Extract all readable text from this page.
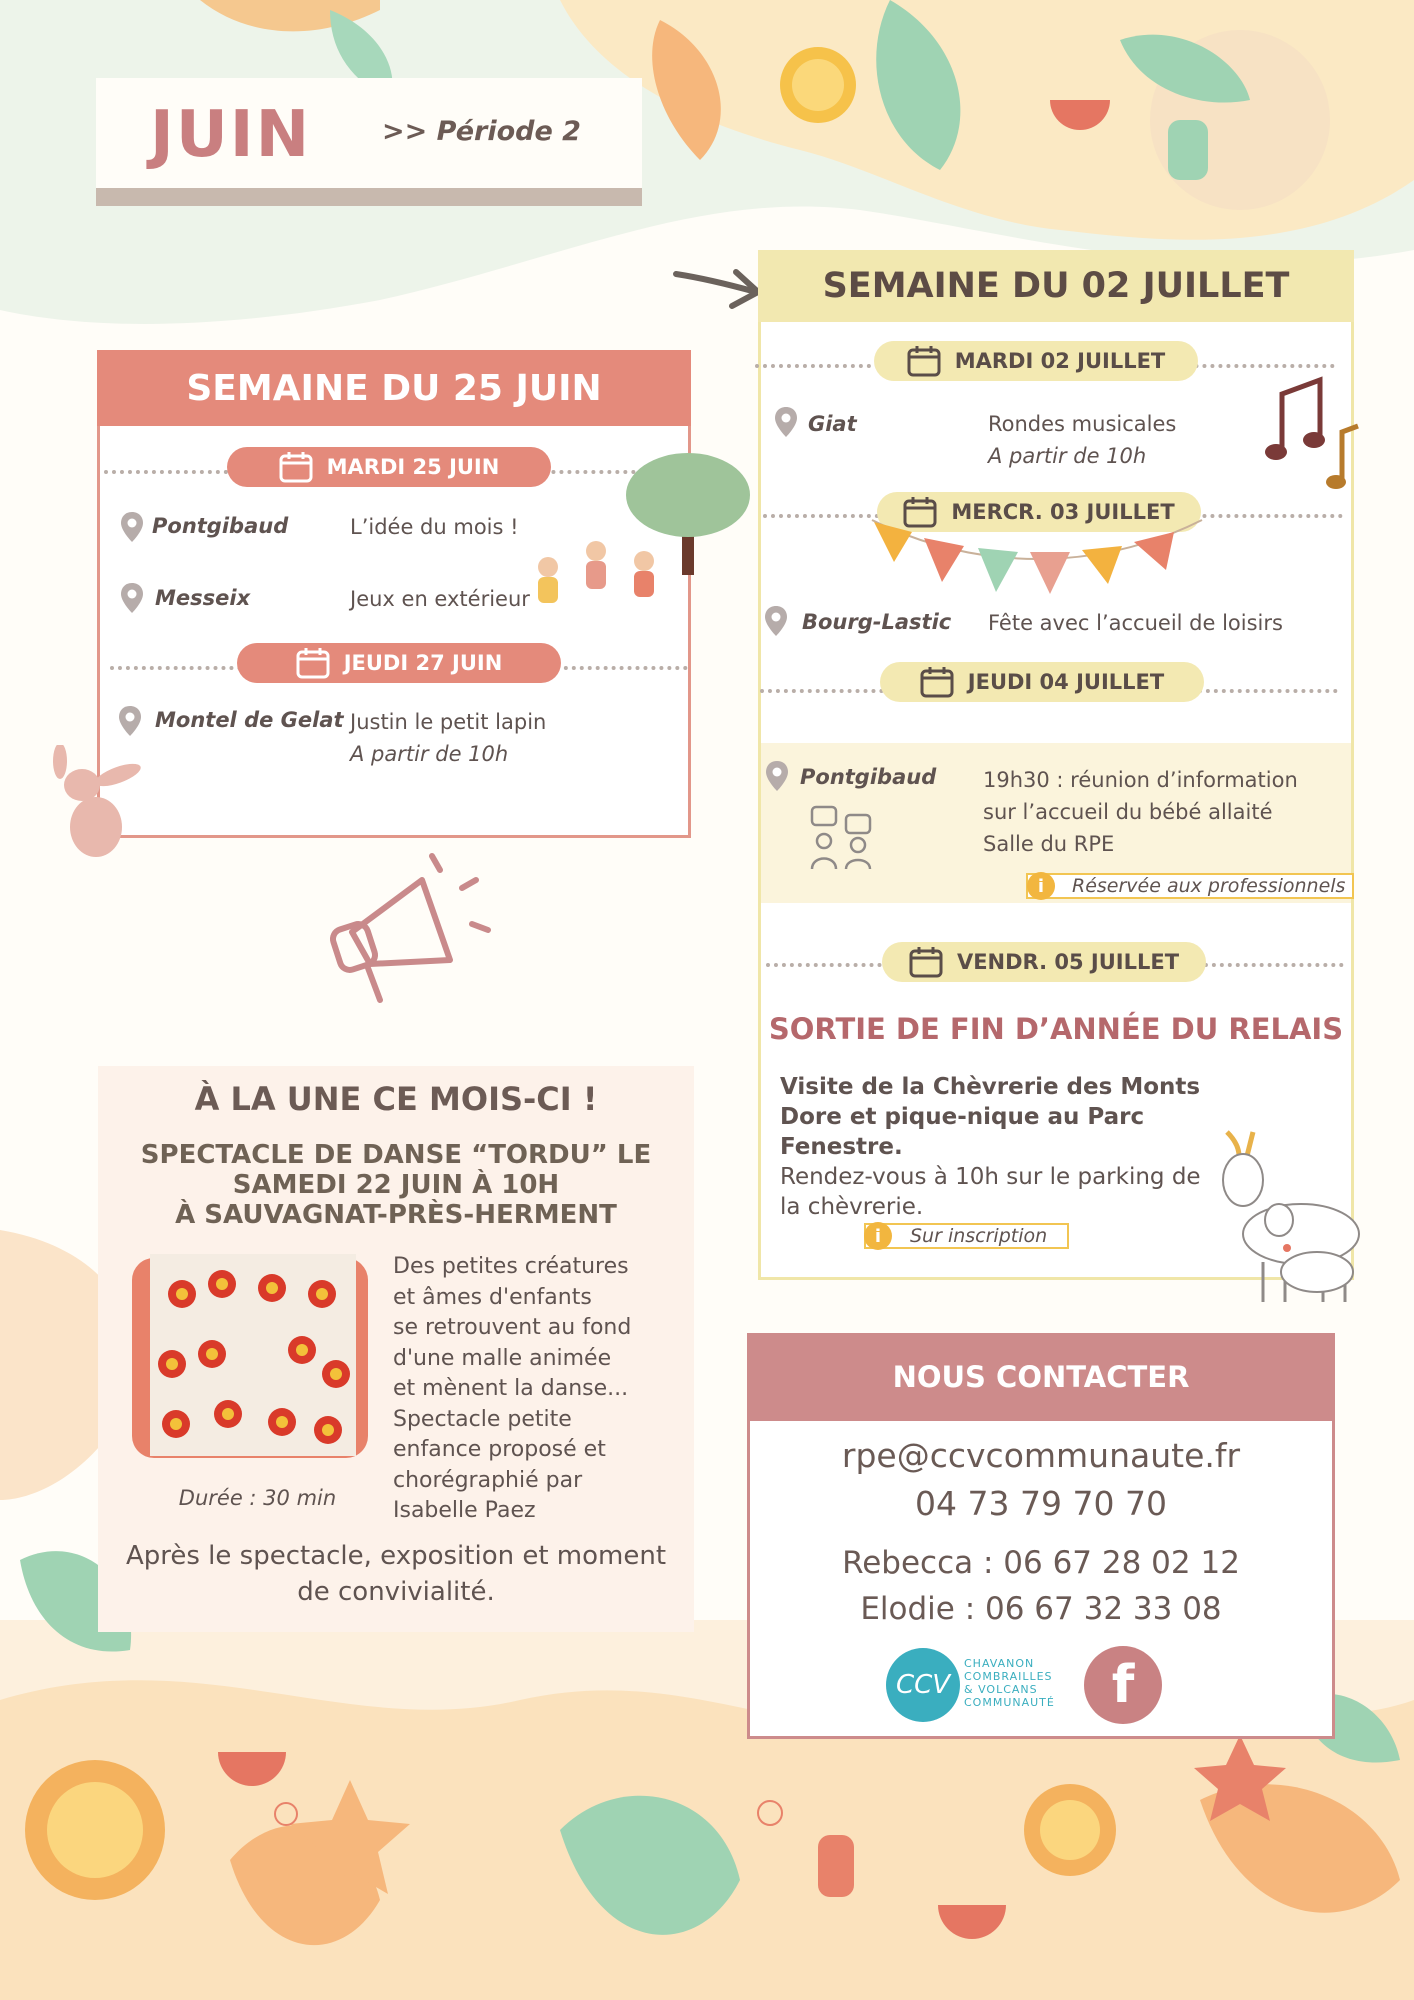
JUIN	>> Période 2
SEMAINE DU 25 JUIN
MARDI 25 JUIN
Pontgibaud	L’idée du mois !
Messeix	Jeux en extérieur
JEUDI 27 JUIN
Montel de Gelat Justin le petit lapin
A partir de 10h
SEMAINE DU 02 JUILLET
MARDI 02 JUILLET
Giat	Rondes musicales
A partir de 10h
MERCR. 03 JUILLET
Bourg-Lastic Fête avec l’accueil de loisirs
JEUDI 04 JUILLET
Pontgibaud 19h30 : réunion d’information
sur l’accueil du bébé allaité
Salle du RPE
Réservée aux professionnels
i
VENDR. 05 JUILLET
SORTIE DE FIN D’ANNÉE DU RELAIS
Visite de la Chèvrerie des Monts Dore et pique-nique au Parc Fenestre.
Rendez-vous à 10h sur le parking de la chèvrerie.
Sur inscription
i
NOUS CONTACTER
rpe@ccvcommunaute.fr
04 73 79 70 70
Rebecca : 06 67 28 02 12
Elodie : 06 67 32 33 08
CCV
CHAVANON
COMBRAILLES
& VOLCANS
COMMUNAUTÉ f
À LA UNE CE MOIS-CI !
SPECTACLE DE DANSE “TORDU” LE
SAMEDI 22 JUIN À 10H
À SAUVAGNAT-PRÈS-HERMENT
Des petites créatures
et âmes d'enfants
se retrouvent au fond
d'une malle animée
et mènent la danse...
Spectacle petite
enfance proposé et
chorégraphié par
Isabelle Paez
Durée : 30 min
Après le spectacle, exposition et moment de convivialité.
